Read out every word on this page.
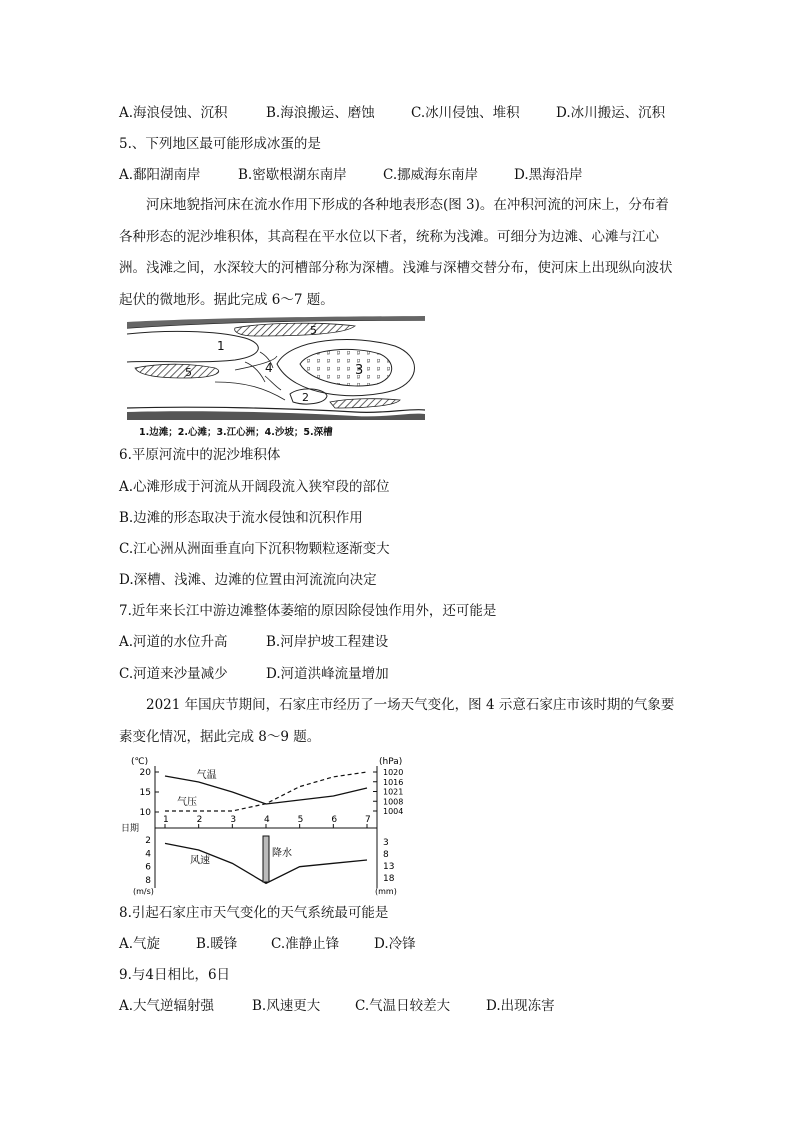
A.海浪侵蚀、沉积	B.海浪搬运、磨蚀	C.冰川侵蚀、堆积	D.冰川搬运、沉积
5.、下列地区最可能形成冰蛋的是
A.鄱阳湖南岸	B.密歇根湖东南岸	C.挪威海东南岸	D.黑海沿岸
河床地貌指河床在流水作用下形成的各种地表形态(图 3)。在冲积河流的河床上，分布着各种形态的泥沙堆积体，其高程在平水位以下者，统称为浅滩。可细分为边滩、心滩与江心洲。浅滩之间，水深较大的河槽部分称为深槽。浅滩与深槽交替分布，使河床上出现纵向波状起伏的微地形。据此完成 6～7 题。
1
2
3
4
5
5
1.边滩；2.心滩；3.江心洲；4.沙坡；5.深槽
6.平原河流中的泥沙堆积体
A.心滩形成于河流从开阔段流入狭窄段的部位
B.边滩的形态取决于流水侵蚀和沉积作用
C.江心洲从洲面垂直向下沉积物颗粒逐渐变大
D.深槽、浅滩、边滩的位置由河流流向决定
7.近年来长江中游边滩整体萎缩的原因除侵蚀作用外，还可能是
A.河道的水位升高	B.河岸护坡工程建设
C.河道来沙量减少	D.河道洪峰流量增加
2021 年国庆节期间，石家庄市经历了一场天气变化，图 4 示意石家庄市该时期的气象要素变化情况，据此完成 8～9 题。
(℃)	(hPa)
(m/s)	(mm)
日期
20
15
10
1020
1016
1021
1008
1004
1	2	3	4	5	6	7
2
4
6
8
3
8
13
18
气温
气压
风速
降水
8.引起石家庄市天气变化的天气系统最可能是
A.气旋	B.暖锋	C.准静止锋	D.冷锋
9.与4日相比，6日
A.大气逆辐射强	B.风速更大	C.气温日较差大	D.出现冻害
